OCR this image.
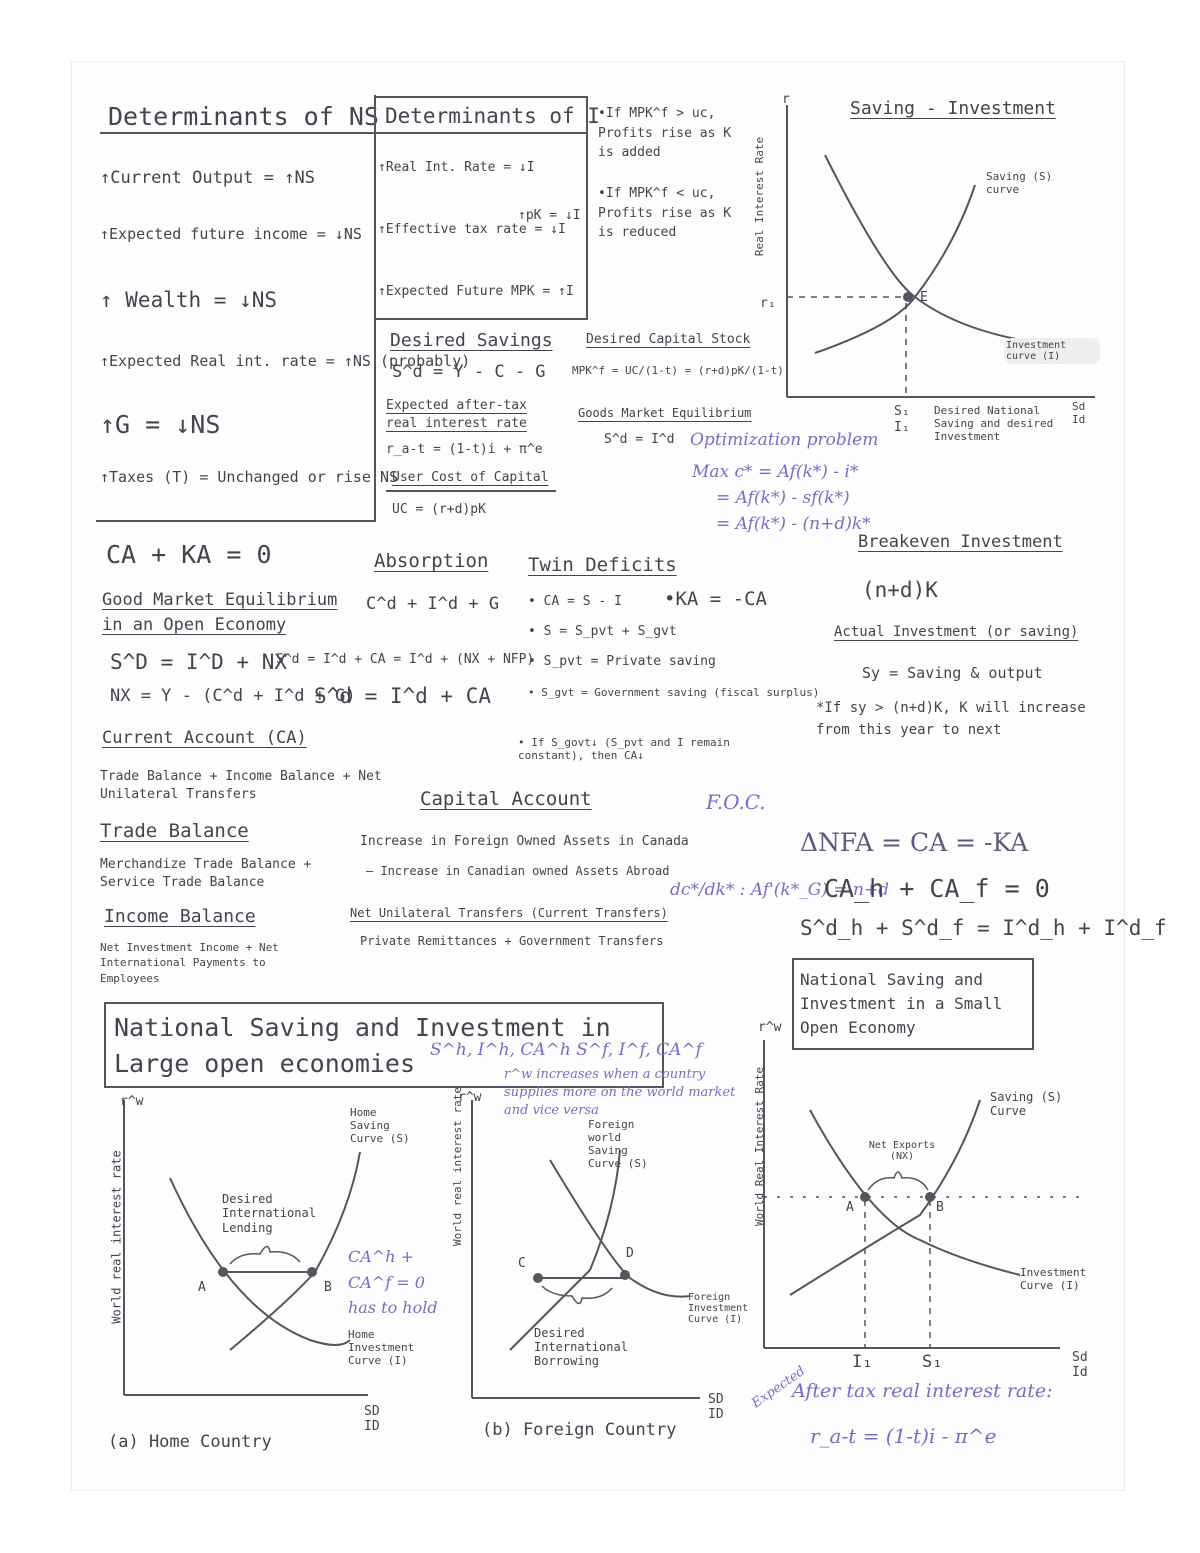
Determinants of NS
↑Current Output = ↑NS
↑Expected future income = ↓NS
↑ Wealth = ↓NS
↑Expected Real int. rate = ↑NS (probably)
↑G = ↓NS
↑Taxes (T) = Unchanged or rise NS
Determinants of I
↑Real Int. Rate = ↓I
↑Effective tax rate = ↓I
↑pK = ↓I
↑Expected Future MPK = ↑I
•If MPK^f > uc, Profits rise as K is added
•If MPK^f < uc, Profits rise as K is reduced
Desired Savings
S^d = Y - C - G
Expected after-tax real interest rate
r_a-t = (1-t)i + π^e
User Cost of Capital
UC = (r+d)pK
Desired Capital Stock
MPK^f = UC/(1-t) = (r+d)pK/(1-t)
Goods Market Equilibrium
S^d = I^d Optimization problem
Max c* = Af(k*) - i*
= Af(k*) - sf(k*)
= Af(k*) - (n+d)k*
Saving - Investment
r
r₁	E
Real Interest Rate	Saving (S) curve
Investment curve (I)
S₁
I₁
Desired National Saving and desired Investment
Sd Id
CA + KA = 0
Good Market Equilibrium in an Open Economy
S^D = I^D + NX
S^d = I^d + CA = I^d + (NX + NFP)
NX = Y - (C^d + I^d + G)
S^d = I^d + CA
Absorption
C^d + I^d + G
Twin Deficits
• CA = S - I
• S = S_pvt + S_gvt
• S_pvt = Private saving
• S_gvt = Government saving (fiscal surplus)
• If S_govt↓ (S_pvt and I remain constant), then CA↓
•KA = -CA
Breakeven Investment
(n+d)K
Actual Investment (or saving)
Sy = Saving & output
*If sy > (n+d)K, K will increase from this year to next
Current Account (CA)
Trade Balance + Income Balance + Net Unilateral Transfers
Trade Balance
Merchandize Trade Balance + Service Trade Balance
Income Balance
Net Investment Income + Net International Payments to Employees
Capital Account
Increase in Foreign Owned Assets in Canada
— Increase in Canadian owned Assets Abroad
Net Unilateral Transfers (Current Transfers)
Private Remittances + Government Transfers
F.O.C.
dc*/dk* : Af'(k*_G) = n+d
ΔNFA = CA = -KA
CA_h + CA_f = 0
S^d_h + S^d_f = I^d_h + I^d_f
National Saving and Investment in Large open economies S^h, I^h, CA^h S^f, I^f, CA^f
r^w
World real interest rate
Home Saving Curve (S)
Home Investment Curve (I)
Desired International Lending
A	B
CA^h + CA^f = 0 has to hold
SD ID
(a) Home Country
r^w
World real interest rate	Foreign world Saving Curve (S)
Foreign Investment Curve (I)
Desired International Borrowing
C
D
r^w increases when a country supplies more on the world market and vice versa
SD ID
(b) Foreign Country
National Saving and Investment in a Small Open Economy
r^w
World Real Interest Rate	Saving (S) Curve
Investment Curve (I)
Net Exports (NX)
A	B
I₁	S₁	Sd Id
Expected
After tax real interest rate:
r_a-t = (1-t)i - π^e
